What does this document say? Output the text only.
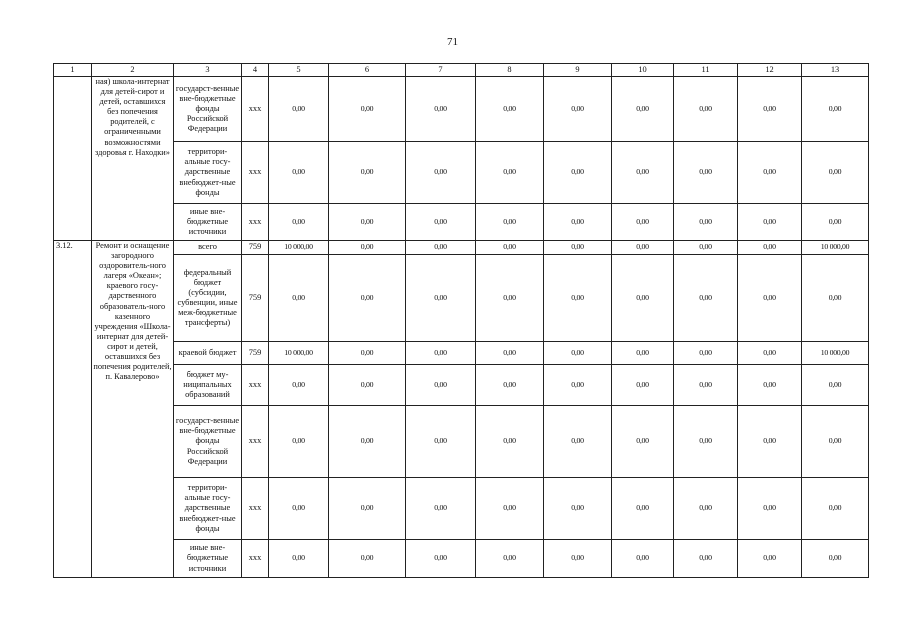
71
1	2	3	4	5	6	7	8	9	10	11	12	13
	ная) школа-интернат для детей-сирот и детей, оставшихся без попечения родителей, с ограниченными возможностями здоровья г. Находки»	государст-венные вне-бюджетные фонды Российской Федерации	ххх	0,00	0,00	0,00	0,00	0,00	0,00	0,00	0,00	0,00
		территори-альные госу-дарственные внебюджет-ные фонды	ххх	0,00	0,00	0,00	0,00	0,00	0,00	0,00	0,00	0,00
		иные вне-бюджетные источники	ххх	0,00	0,00	0,00	0,00	0,00	0,00	0,00	0,00	0,00
3.12.	Ремонт и оснащение загородного оздоровитель-ного лагеря «Океан»; краевого госу-дарственного образователь-ного казенного учреждения «Школа-интернат для детей-сирот и детей, оставшихся без попечения родителей, п. Кавалерово»	всего	759	10 000,00	0,00	0,00	0,00	0,00	0,00	0,00	0,00	10 000,00
		федеральный бюджет (субсидии, субвенции, иные меж-бюджетные трансферты)	759	0,00	0,00	0,00	0,00	0,00	0,00	0,00	0,00	0,00
		краевой бюджет	759	10 000,00	0,00	0,00	0,00	0,00	0,00	0,00	0,00	10 000,00
		бюджет му-ниципальных образований	ххх	0,00	0,00	0,00	0,00	0,00	0,00	0,00	0,00	0,00
		государст-венные вне-бюджетные фонды Российской Федерации	ххх	0,00	0,00	0,00	0,00	0,00	0,00	0,00	0,00	0,00
		территори-альные госу-дарственные внебюджет-ные фонды	ххх	0,00	0,00	0,00	0,00	0,00	0,00	0,00	0,00	0,00
		иные вне-бюджетные источники	ххх	0,00	0,00	0,00	0,00	0,00	0,00	0,00	0,00	0,00
